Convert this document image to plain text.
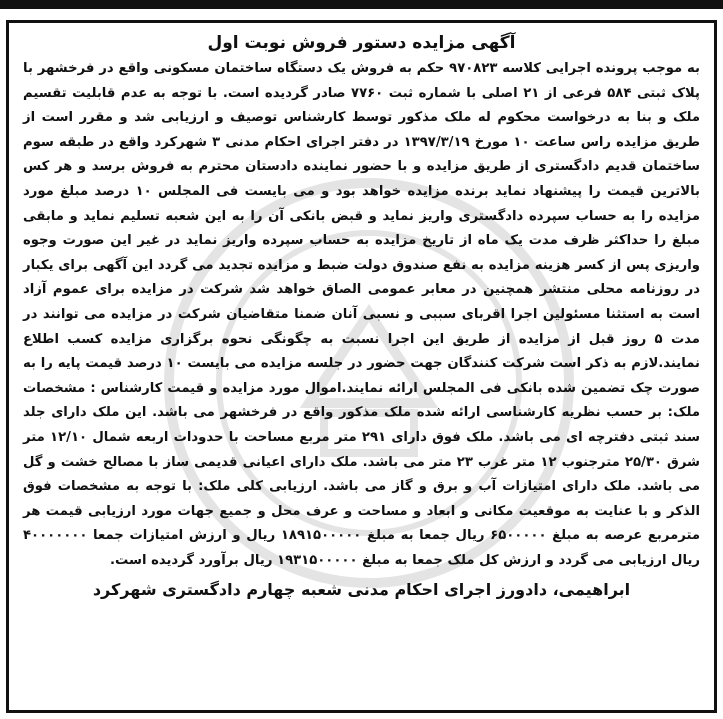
آگهی مزایده دستور فروش نوبت اول

به موجب پرونده اجرایی کلاسه ۹۷۰۸۲۳ حکم به فروش یک دستگاه ساختمان مسکونی واقع در فرخشهر با پلاک ثبتی ۵۸۴ فرعی از ۲۱ اصلی با شماره ثبت ۷۷۶۰ صادر گردیده است. با توجه به عدم قابلیت تقسیم ملک و بنا به درخواست محکوم له ملک مذکور توسط کارشناس توصیف و ارزیابی شد و مقرر است از طریق مزایده راس ساعت ۱۰ مورخ ۱۳۹۷/۳/۱۹ در دفتر اجرای احکام مدنی ۳ شهرکرد واقع در طبقه سوم ساختمان قدیم دادگستری از طریق مزایده و با حضور نماینده دادستان محترم به فروش برسد و هر کس بالاترین قیمت را پیشنهاد نماید برنده مزایده خواهد بود و می بایست فی المجلس ۱۰ درصد مبلغ مورد مزایده را به حساب سپرده دادگستری واریز نماید و قبض بانکی آن را به این شعبه تسلیم نماید و مابقی مبلغ را حداکثر ظرف مدت یک ماه از تاریخ مزایده به حساب سپرده واریز نماید در غیر این صورت وجوه واریزی پس از کسر هزینه مزایده به نفع صندوق دولت ضبط و مزایده تجدید می گردد این آگهی برای یکبار در روزنامه محلی منتشر همچنین در معابر عمومی الصاق خواهد شد شرکت در مزایده برای عموم آزاد است به استثنا مسئولین اجرا اقربای سببی و نسبی آنان ضمنا متقاضیان شرکت در مزایده می توانند در مدت ۵ روز قبل از مزایده از طریق این اجرا نسبت به چگونگی نحوه برگزاری مزایده کسب اطلاع نمایند.لازم به ذکر است شرکت کنندگان جهت حضور در جلسه مزایده می بایست ۱۰ درصد قیمت پایه را به صورت چک تضمین شده بانکی فی المجلس ارائه نمایند.اموال مورد مزایده و قیمت کارشناس : مشخصات ملک: بر حسب نظریه کارشناسی ارائه شده ملک مذکور واقع در فرخشهر می باشد. این ملک دارای جلد سند ثبتی دفترچه ای می باشد. ملک فوق دارای ۲۹۱ متر مربع مساحت با حدودات اربعه شمال ۱۲/۱۰ متر شرق ۲۵/۳۰ مترجنوب ۱۲ متر غرب ۲۳ متر می باشد. ملک دارای اعیانی قدیمی ساز با مصالح خشت و گل می باشد. ملک دارای امتیازات آب و برق و گاز می باشد. ارزیابی کلی ملک: با توجه به مشخصات فوق الذکر و با عنایت به موقعیت مکانی و ابعاد و مساحت و عرف محل و جمیع جهات مورد ارزیابی قیمت هر مترمربع عرصه به مبلغ ۶۵۰۰۰۰۰ ریال جمعا به مبلغ ۱۸۹۱۵۰۰۰۰۰ ریال و ارزش امتیازات جمعا ۴۰۰۰۰۰۰۰ ریال ارزیابی می گردد و ارزش کل ملک جمعا به مبلغ ۱۹۳۱۵۰۰۰۰۰ ریال برآورد گردیده است.

ابراهیمی، دادورز اجرای احکام مدنی شعبه چهارم دادگستری شهرکرد
